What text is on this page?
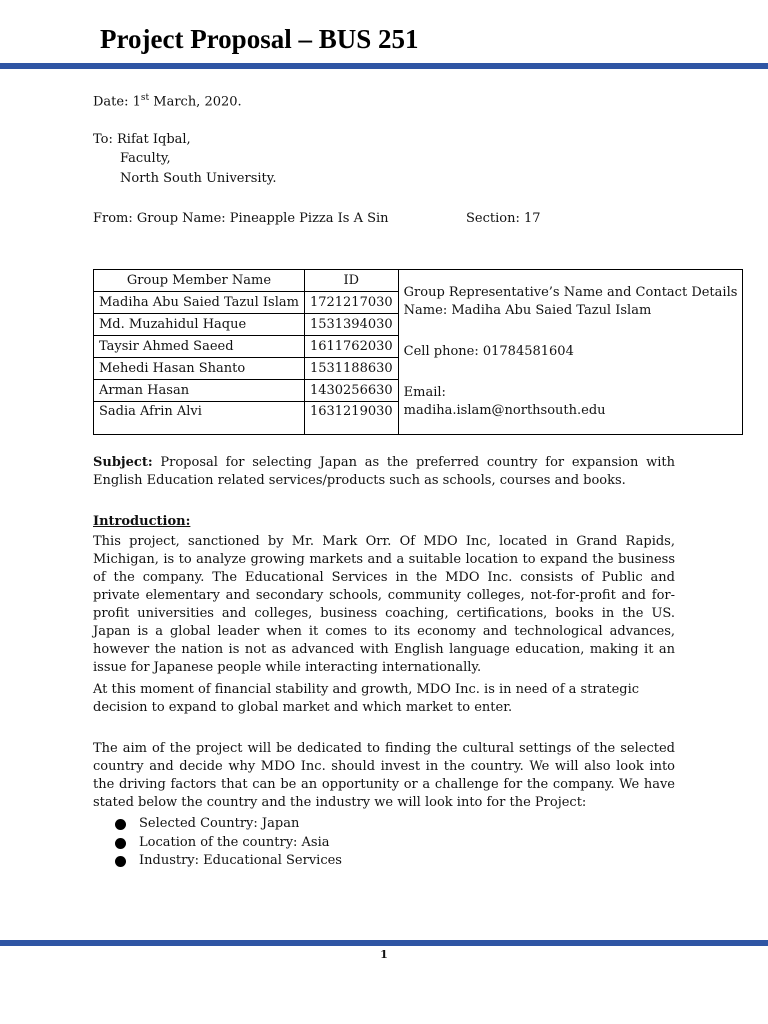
Project Proposal – BUS 251
Date: 1st March, 2020.
To: Rifat Iqbal,
Faculty,
North South University.
From: Group Name: Pineapple Pizza Is A Sin	Section: 17
Group Member Name	ID	Group Representative’s Name and Contact Details
Name: Madiha Abu Saied Tazul Islam
Cell phone: 01784581604
Email:
madiha.islam@northsouth.edu

Madiha Abu Saied Tazul Islam	1721217030	
Md. Muzahidul Haque	1531394030	
Taysir Ahmed Saeed	1611762030	
Mehedi Hasan Shanto	1531188630	
Arman Hasan	1430256630	
Sadia Afrin Alvi	1631219030	
Subject: Proposal for selecting Japan as the preferred country for expansion with English Education related services/products such as schools, courses and books.
Introduction:
This project, sanctioned by Mr. Mark Orr. Of MDO Inc, located in Grand Rapids, Michigan, is to analyze growing markets and a suitable location to expand the business of the company. The Educational Services in the MDO Inc. consists of Public and private elementary and secondary schools, community colleges, not-for-profit and for-profit universities and colleges, business coaching, certifications, books in the US. Japan is a global leader when it comes to its economy and technological advances, however the nation is not as advanced with English language education, making it an issue for Japanese people while interacting internationally.
At this moment of financial stability and growth, MDO Inc. is in need of a strategic decision to expand to global market and which market to enter.
The aim of the project will be dedicated to finding the cultural settings of the selected country and decide why MDO Inc. should invest in the country. We will also look into the driving factors that can be an opportunity or a challenge for the company. We have stated below the country and the industry we will look into for the Project:
Selected Country: Japan
Location of the country: Asia
Industry: Educational Services
1
